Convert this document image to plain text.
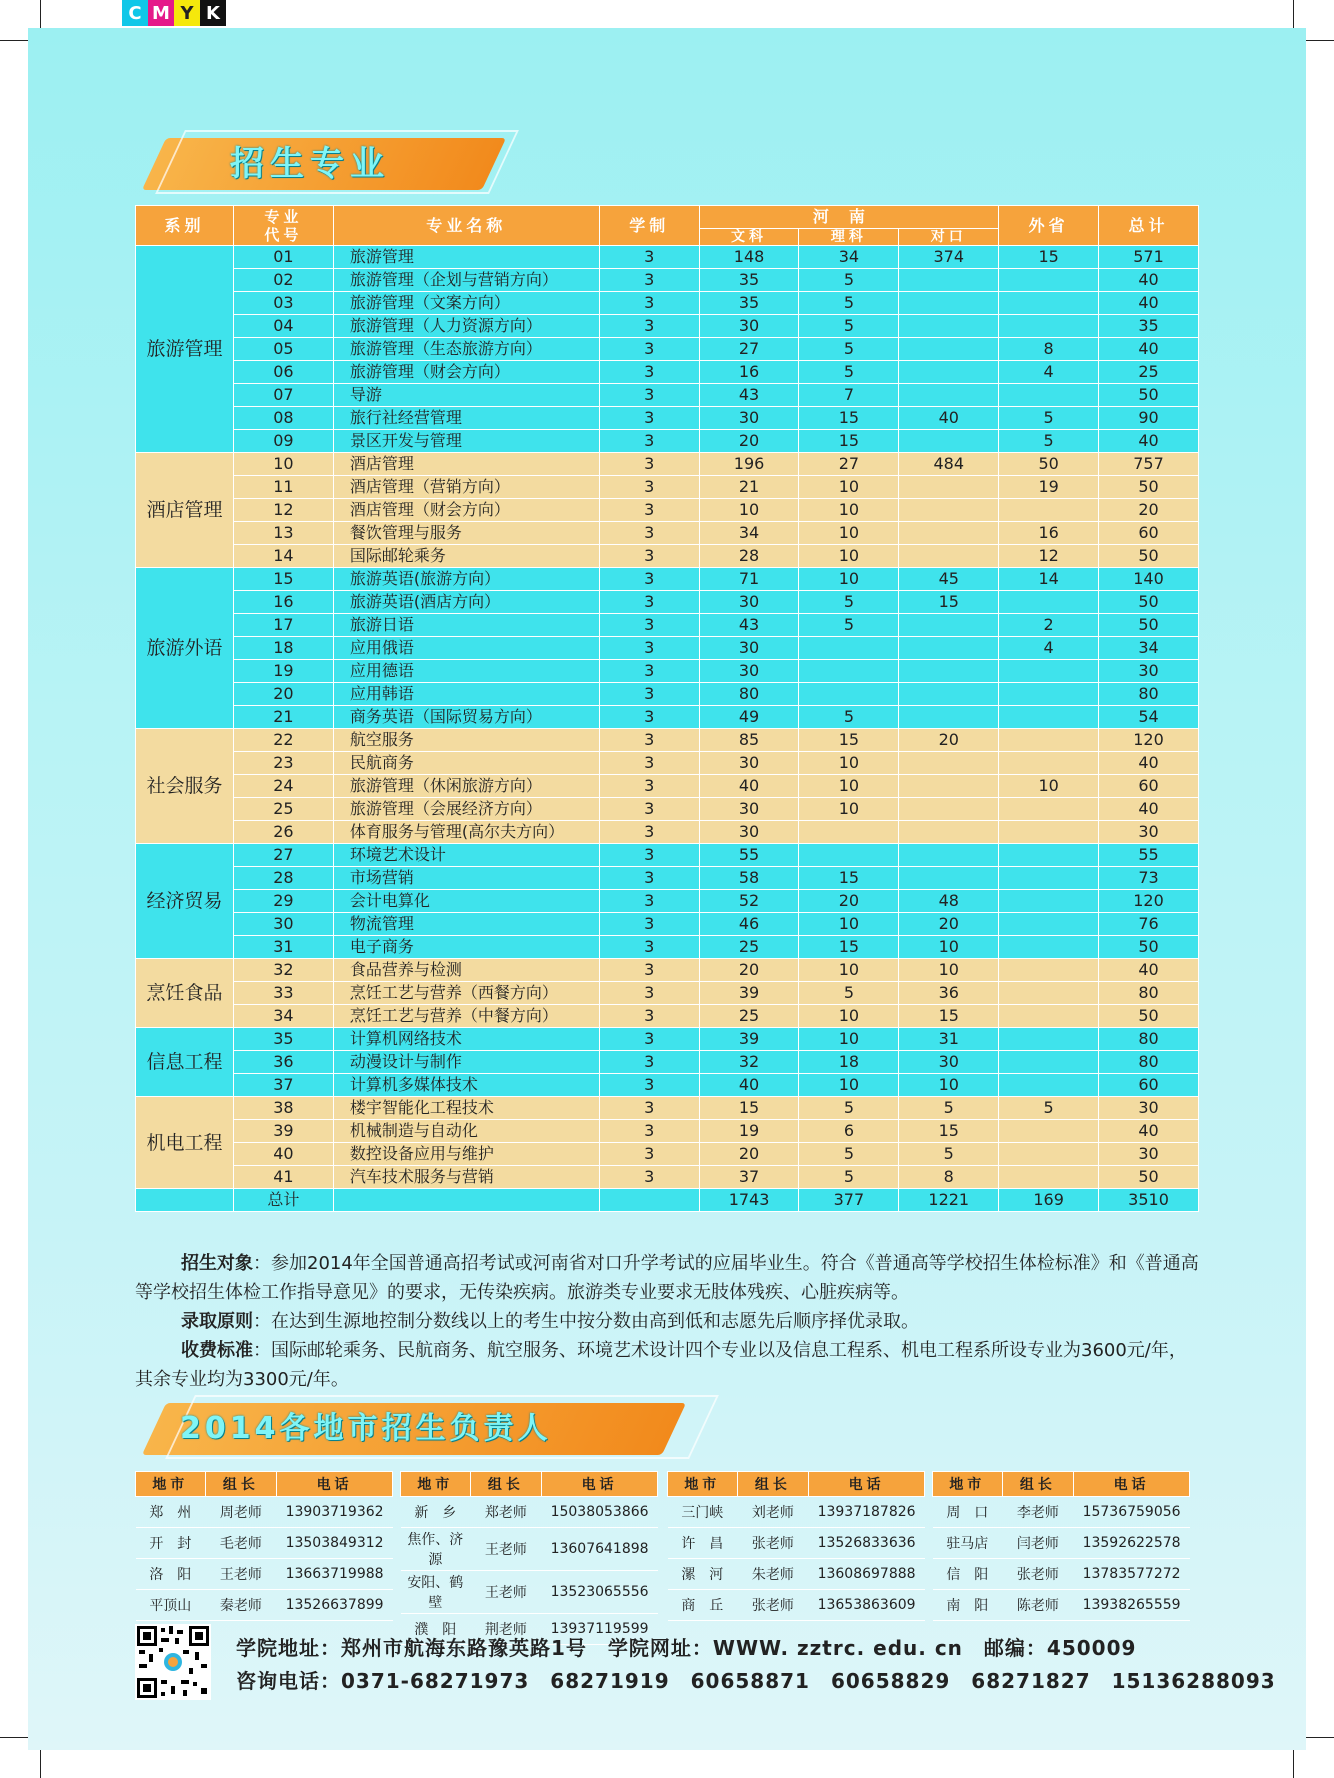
C M Y K
招生专业
系别	专业代号	专业名称	学制	河南			外省	总计
				文科	理科	对口		
旅游管理	01	旅游管理	3	148	34	374	15	571
	02	旅游管理（企划与营销方向）	3	35	5			40
	03	旅游管理（文案方向）	3	35	5			40
	04	旅游管理（人力资源方向）	3	30	5			35
	05	旅游管理（生态旅游方向）	3	27	5		8	40
	06	旅游管理（财会方向）	3	16	5		4	25
	07	导游	3	43	7			50
	08	旅行社经营管理	3	30	15	40	5	90
	09	景区开发与管理	3	20	15		5	40
酒店管理	10	酒店管理	3	196	27	484	50	757
	11	酒店管理（营销方向）	3	21	10		19	50
	12	酒店管理（财会方向）	3	10	10			20
	13	餐饮管理与服务	3	34	10		16	60
	14	国际邮轮乘务	3	28	10		12	50
旅游外语	15	旅游英语(旅游方向）	3	71	10	45	14	140
	16	旅游英语(酒店方向）	3	30	5	15		50
	17	旅游日语	3	43	5		2	50
	18	应用俄语	3	30			4	34
	19	应用德语	3	30				30
	20	应用韩语	3	80				80
	21	商务英语（国际贸易方向）	3	49	5			54
社会服务	22	航空服务	3	85	15	20		120
	23	民航商务	3	30	10			40
	24	旅游管理（休闲旅游方向）	3	40	10		10	60
	25	旅游管理（会展经济方向）	3	30	10			40
	26	体育服务与管理(高尔夫方向）	3	30				30
经济贸易	27	环境艺术设计	3	55				55
	28	市场营销	3	58	15			73
	29	会计电算化	3	52	20	48		120
	30	物流管理	3	46	10	20		76
	31	电子商务	3	25	15	10		50
烹饪食品	32	食品营养与检测	3	20	10	10		40
	33	烹饪工艺与营养（西餐方向）	3	39	5	36		80
	34	烹饪工艺与营养（中餐方向）	3	25	10	15		50
信息工程	35	计算机网络技术	3	39	10	31		80
	36	动漫设计与制作	3	32	18	30		80
	37	计算机多媒体技术	3	40	10	10		60
机电工程	38	楼宇智能化工程技术	3	15	5	5	5	30
	39	机械制造与自动化	3	19	6	15		40
	40	数控设备应用与维护	3	20	5	5		30
	41	汽车技术服务与营销	3	37	5	8		50
	总计			1743	377	1221	169	3510

招生对象：参加2014年全国普通高招考试或河南省对口升学考试的应届毕业生。符合《普通高等学校招生体检标准》和《普通高等学校招生体检工作指导意见》的要求，无传染疾病。旅游类专业要求无肢体残疾、心脏疾病等。

录取原则：在达到生源地控制分数线以上的考生中按分数由高到低和志愿先后顺序择优录取。

收费标准：国际邮轮乘务、民航商务、航空服务、环境艺术设计四个专业以及信息工程系、机电工程系所设专业为3600元/年，其余专业均为3300元/年。

2014各地市招生负责人
地市	组长	电话
郑　州	周老师	13903719362
开　封	毛老师	13503849312
洛　阳	王老师	13663719988
平顶山	秦老师	13526637899
地市	组长	电话
新　乡	郑老师	15038053866
焦作、济源	王老师	13607641898
安阳、鹤壁	王老师	13523065556
濮　阳	荆老师	13937119599
地市	组长	电话
三门峡	刘老师	13937187826
许　昌	张老师	13526833636
漯　河	朱老师	13608697888
商　丘	张老师	13653863609
地市	组长	电话
周　口	李老师	15736759056
驻马店	闫老师	13592622578
信　阳	张老师	13783577272
南　阳	陈老师	13938265559
学院地址：郑州市航海东路豫英路1号　学院网址：WWW. zztrc. edu. cn　邮编：450009
咨询电话：0371-68271973　68271919　60658871　60658829　68271827　15136288093
